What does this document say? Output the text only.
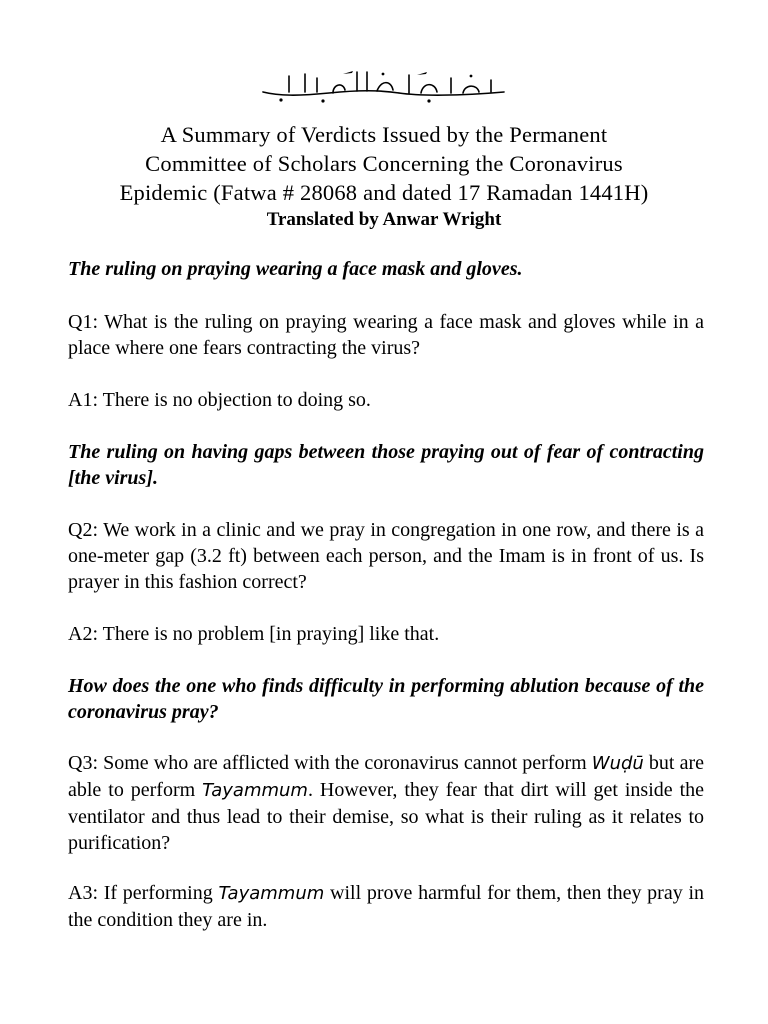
A Summary of Verdicts Issued by the Permanent
Committee of Scholars Concerning the Coronavirus
Epidemic (Fatwa # 28068 and dated 17 Ramadan 1441H)
Translated by Anwar Wright

The ruling on praying wearing a face mask and gloves.

Q1: What is the ruling on praying wearing a face mask and gloves while in a place where one fears contracting the virus?

A1: There is no objection to doing so.

The ruling on having gaps between those praying out of fear of contracting [the virus].

Q2: We work in a clinic and we pray in congregation in one row, and there is a one-meter gap (3.2 ft) between each person, and the Imam is in front of us. Is prayer in this fashion correct?

A2: There is no problem [in praying] like that.

How does the one who finds difficulty in performing ablution because of the coronavirus pray?

Q3: Some who are afflicted with the coronavirus cannot perform Wuḍū but are able to perform Tayammum. However, they fear that dirt will get inside the ventilator and thus lead to their demise, so what is their ruling as it relates to purification?

A3: If performing Tayammum will prove harmful for them, then they pray in the condition they are in.
